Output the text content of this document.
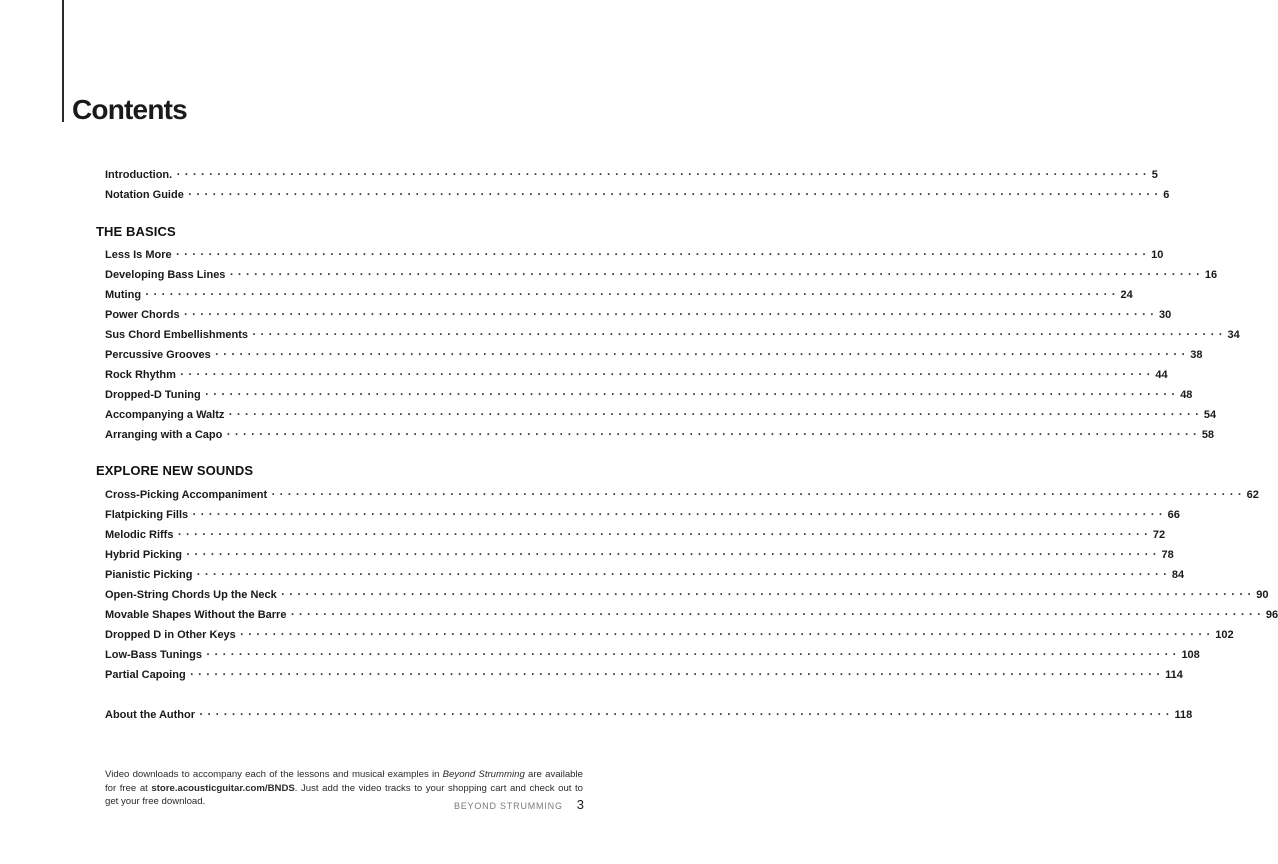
Contents
Introduction. ........................................................................................................................ 5
Notation Guide ........................................................................................................................ 6
THE BASICS
Less Is More ........................................................................................................................ 10
Developing Bass Lines ........................................................................................................................ 16
Muting ........................................................................................................................ 24
Power Chords ........................................................................................................................ 30
Sus Chord Embellishments ........................................................................................................................ 34
Percussive Grooves ........................................................................................................................ 38
Rock Rhythm ........................................................................................................................ 44
Dropped-D Tuning ........................................................................................................................ 48
Accompanying a Waltz ........................................................................................................................ 54
Arranging with a Capo ........................................................................................................................ 58
EXPLORE NEW SOUNDS
Cross-Picking Accompaniment ........................................................................................................................ 62
Flatpicking Fills ........................................................................................................................ 66
Melodic Riffs ........................................................................................................................ 72
Hybrid Picking ........................................................................................................................ 78
Pianistic Picking ........................................................................................................................ 84
Open-String Chords Up the Neck ........................................................................................................................ 90
Movable Shapes Without the Barre ........................................................................................................................ 96
Dropped D in Other Keys ........................................................................................................................ 102
Low-Bass Tunings ........................................................................................................................ 108
Partial Capoing ........................................................................................................................ 114
About the Author ........................................................................................................................ 118

Video downloads to accompany each of the lessons and musical examples in Beyond Strumming are available for free at store.acousticguitar.com/BNDS. Just add the video tracks to your shopping cart and check out to get your free download.	BEYOND STRUMMING 3
